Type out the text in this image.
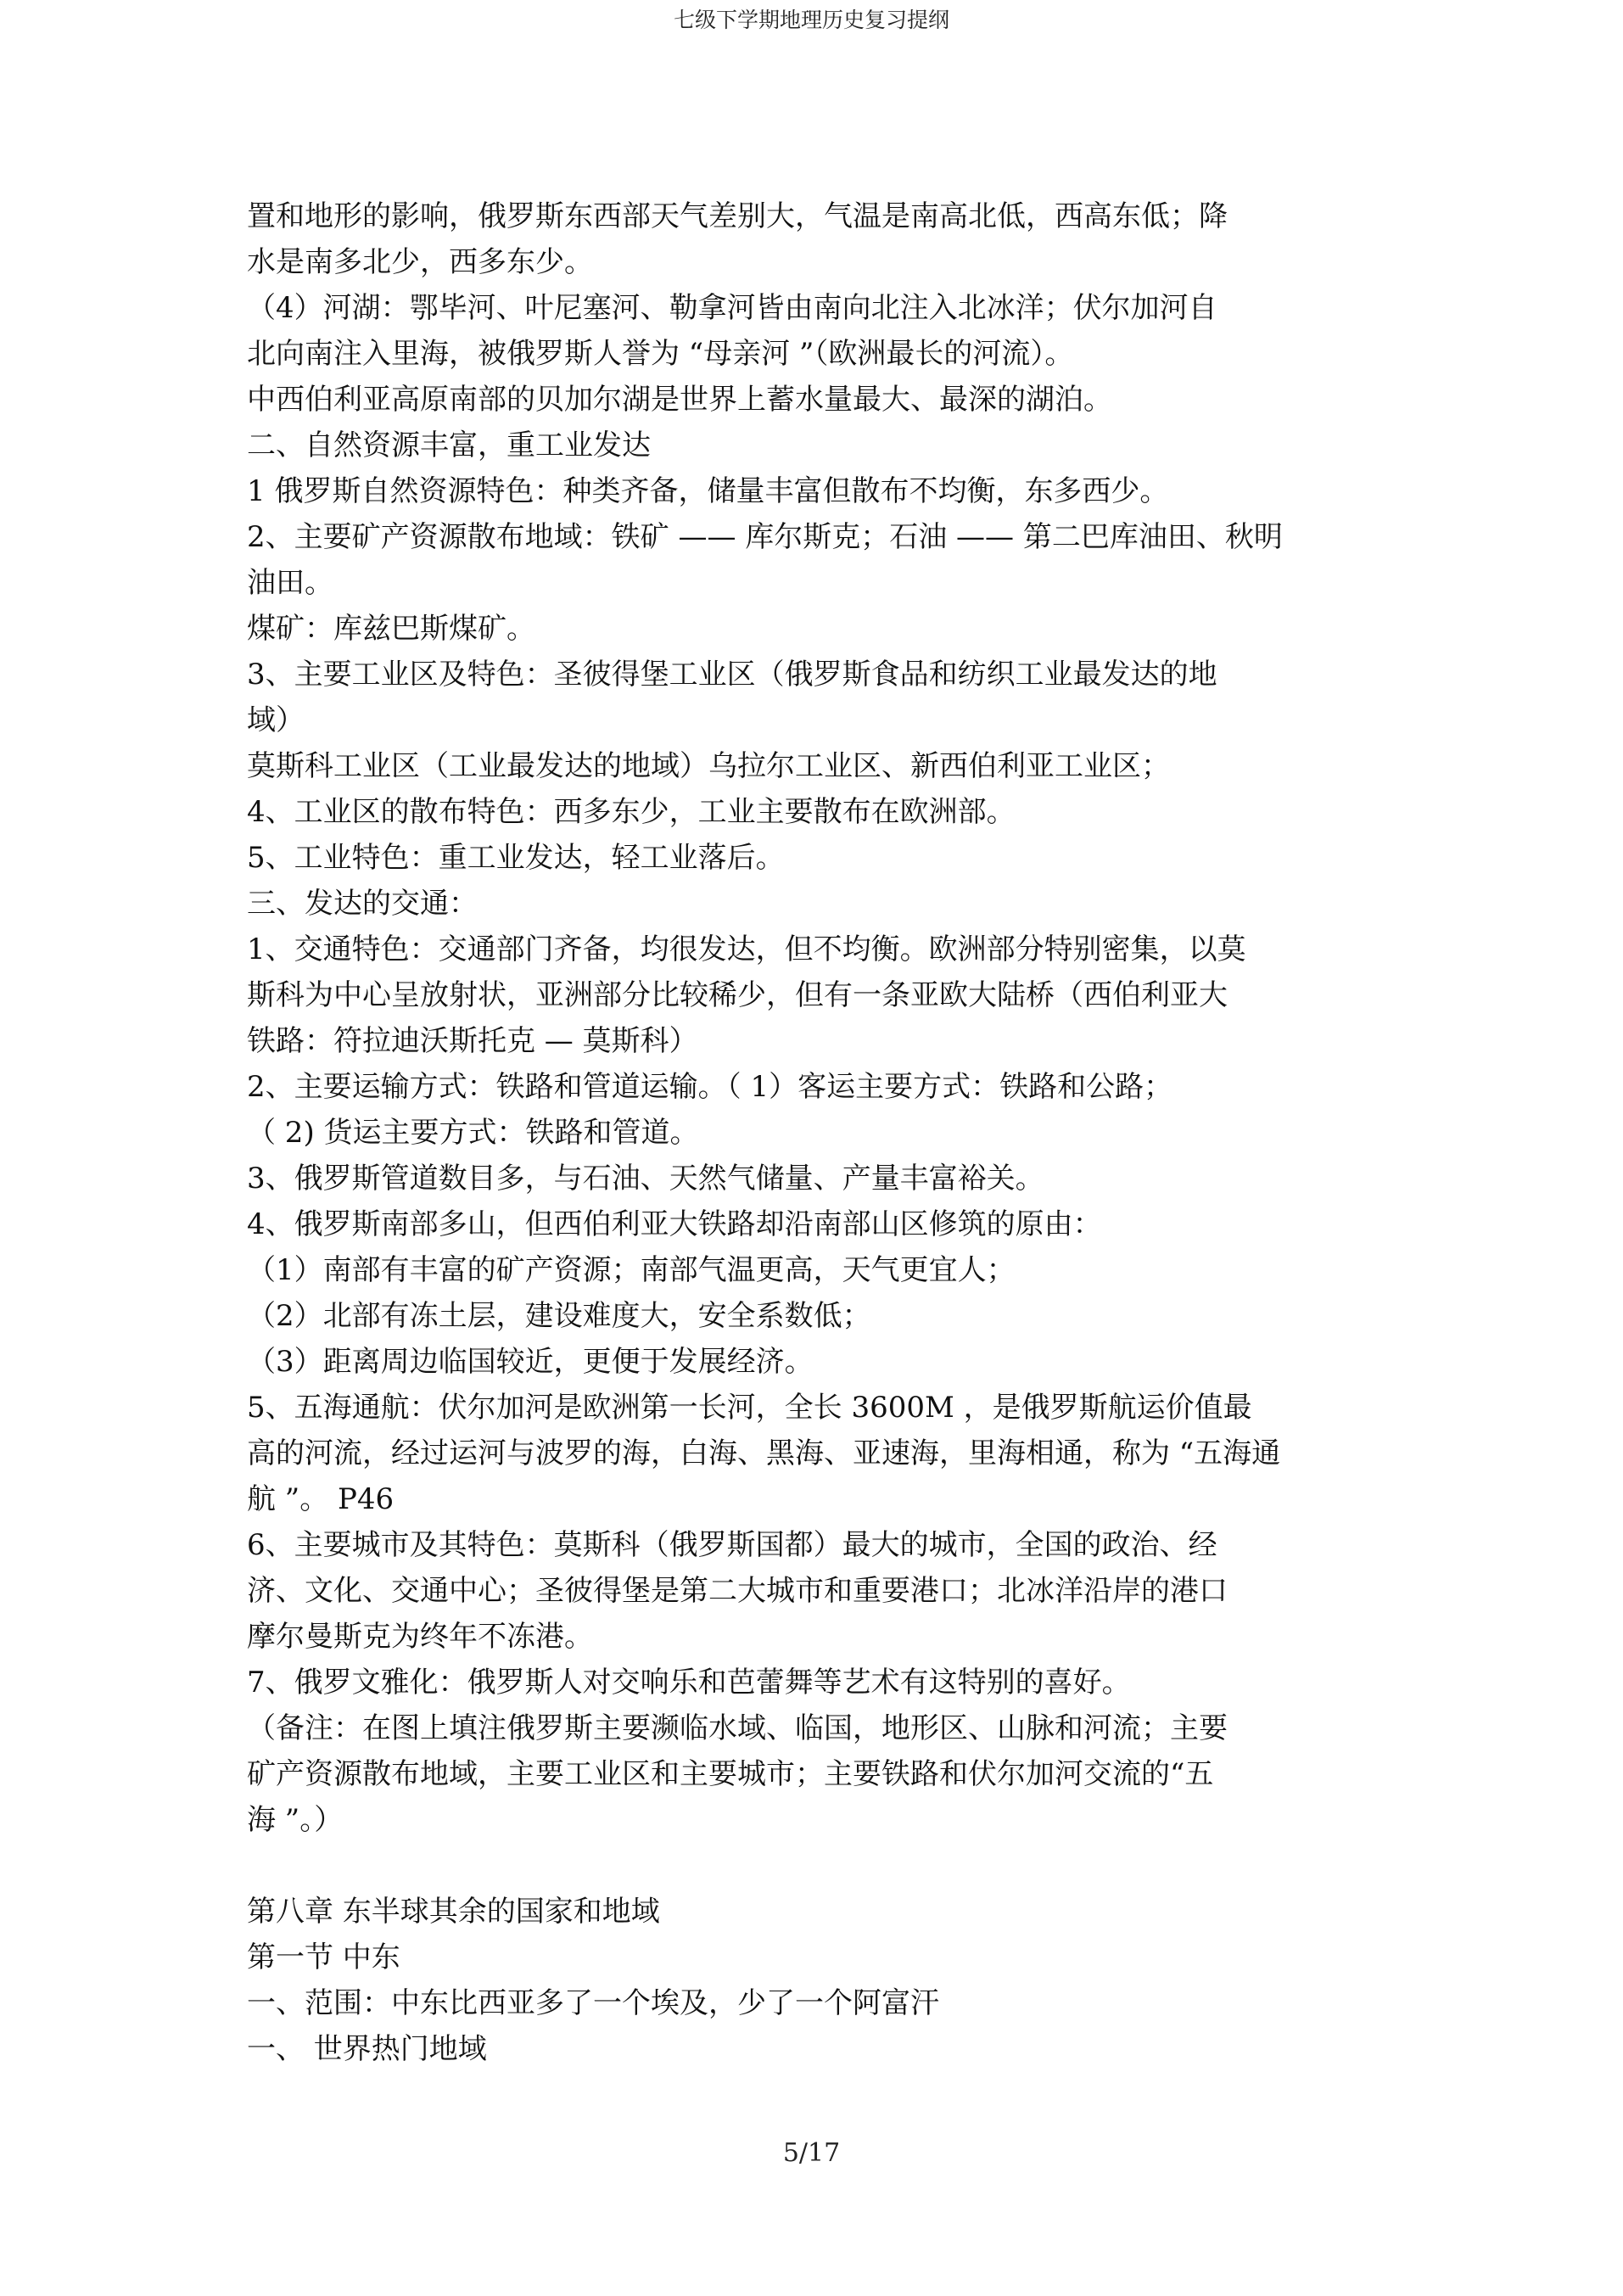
七级下学期地理历史复习提纲
置和地形的影响，俄罗斯东西部天气差别大，气温是南高北低，西高东低；降
水是南多北少，西多东少。
（4）河湖：鄂毕河、叶尼塞河、勒拿河皆由南向北注入北冰洋；伏尔加河自
北向南注入里海，被俄罗斯人誉为 “母亲河 ”（欧洲最长的河流）。
中西伯利亚高原南部的贝加尔湖是世界上蓄水量最大、最深的湖泊。
二、自然资源丰富，重工业发达
1 俄罗斯自然资源特色：种类齐备，储量丰富但散布不均衡，东多西少。
2、主要矿产资源散布地域：铁矿 —— 库尔斯克；石油 —— 第二巴库油田、秋明
油田。
煤矿：库兹巴斯煤矿。
3、主要工业区及特色：圣彼得堡工业区（俄罗斯食品和纺织工业最发达的地
域）
莫斯科工业区（工业最发达的地域）乌拉尔工业区、新西伯利亚工业区；
4、工业区的散布特色：西多东少，工业主要散布在欧洲部。
5、工业特色：重工业发达，轻工业落后。
三、发达的交通：
1、交通特色：交通部门齐备，均很发达，但不均衡。欧洲部分特别密集，以莫
斯科为中心呈放射状，亚洲部分比较稀少，但有一条亚欧大陆桥（西伯利亚大
铁路：符拉迪沃斯托克 — 莫斯科）
2、主要运输方式：铁路和管道运输。（ 1）客运主要方式：铁路和公路；
（ 2) 货运主要方式：铁路和管道。
3、俄罗斯管道数目多，与石油、天然气储量、产量丰富裕关。
4、俄罗斯南部多山，但西伯利亚大铁路却沿南部山区修筑的原由：
（1）南部有丰富的矿产资源；南部气温更高，天气更宜人；
（2）北部有冻土层，建设难度大，安全系数低；
（3）距离周边临国较近，更便于发展经济。
5、五海通航：伏尔加河是欧洲第一长河，全长 3600M ，是俄罗斯航运价值最
高的河流，经过运河与波罗的海，白海、黑海、亚速海，里海相通，称为 “五海通
航 ”。 P46
6、主要城市及其特色：莫斯科（俄罗斯国都）最大的城市，全国的政治、经
济、文化、交通中心；圣彼得堡是第二大城市和重要港口；北冰洋沿岸的港口
摩尔曼斯克为终年不冻港。
7、俄罗文雅化：俄罗斯人对交响乐和芭蕾舞等艺术有这特别的喜好。
（备注：在图上填注俄罗斯主要濒临水域、临国，地形区、山脉和河流；主要
矿产资源散布地域，主要工业区和主要城市；主要铁路和伏尔加河交流的“五
海 ”。）
第八章 东半球其余的国家和地域
第一节 中东
一、范围：中东比西亚多了一个埃及，少了一个阿富汗
一、 世界热门地域
5/17
